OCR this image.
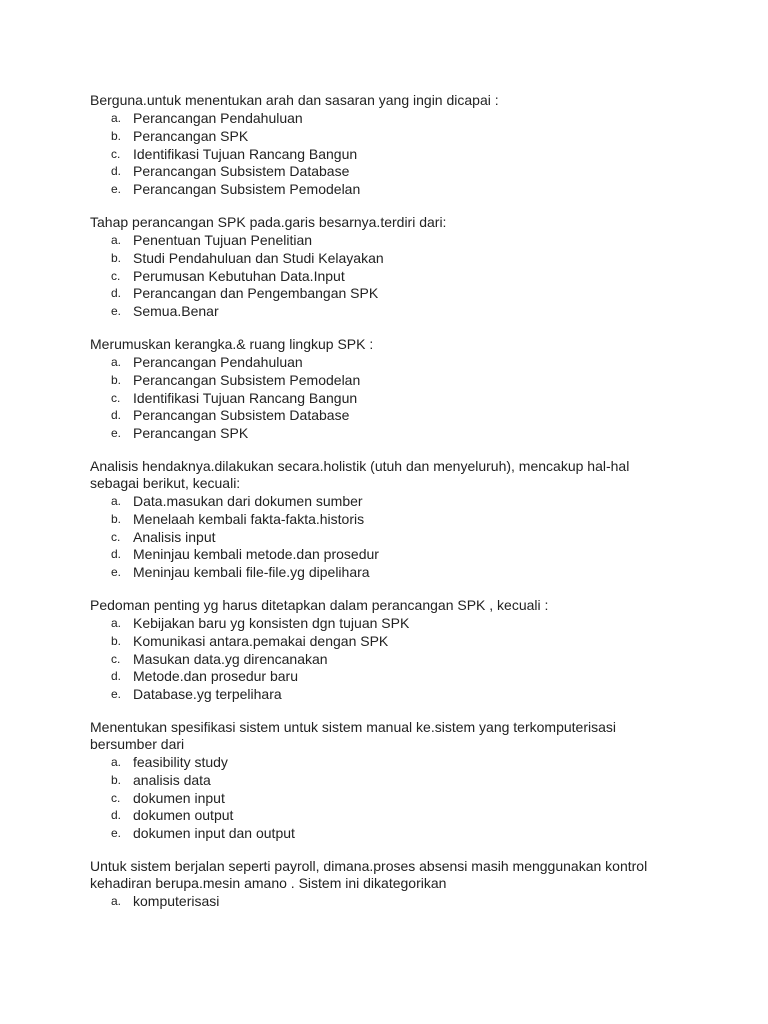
Berguna.untuk menentukan arah dan sasaran yang ingin dicapai :
a. Perancangan Pendahuluan
b. Perancangan SPK
c. Identifikasi Tujuan Rancang Bangun
d. Perancangan Subsistem Database
e. Perancangan Subsistem Pemodelan
Tahap perancangan SPK pada.garis besarnya.terdiri dari:
a. Penentuan Tujuan Penelitian
b. Studi Pendahuluan dan Studi Kelayakan
c. Perumusan Kebutuhan Data.Input
d. Perancangan dan Pengembangan SPK
e. Semua.Benar
Merumuskan kerangka.& ruang lingkup SPK :
a. Perancangan Pendahuluan
b. Perancangan Subsistem Pemodelan
c. Identifikasi Tujuan Rancang Bangun
d. Perancangan Subsistem Database
e. Perancangan SPK
Analisis hendaknya.dilakukan secara.holistik (utuh dan menyeluruh), mencakup hal-hal sebagai berikut, kecuali:
a. Data.masukan dari dokumen sumber
b. Menelaah kembali fakta-fakta.historis
c. Analisis input
d. Meninjau kembali metode.dan prosedur
e. Meninjau kembali file-file.yg dipelihara
Pedoman penting yg harus ditetapkan dalam perancangan SPK , kecuali :
a. Kebijakan baru yg konsisten dgn tujuan SPK
b. Komunikasi antara.pemakai dengan SPK
c. Masukan data.yg direncanakan
d. Metode.dan prosedur baru
e. Database.yg terpelihara
Menentukan spesifikasi sistem untuk sistem manual ke.sistem yang terkomputerisasi bersumber dari
a. feasibility study
b. analisis data
c. dokumen input
d. dokumen output
e. dokumen input dan output
Untuk sistem berjalan seperti payroll, dimana.proses absensi masih menggunakan kontrol kehadiran berupa.mesin amano . Sistem ini dikategorikan
a. komputerisasi
